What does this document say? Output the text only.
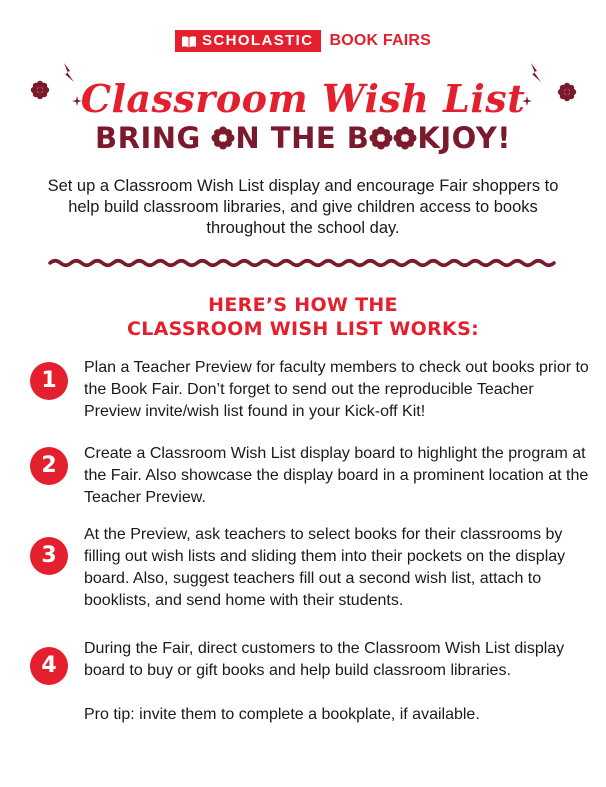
SCHOLASTIC BOOK FAIRS
Classroom Wish List
BRING N THE B KJOY!
Set up a Classroom Wish List display and encourage Fair shoppers to help build classroom libraries, and give children access to books throughout the school day.
HERE’S HOW THE
CLASSROOM WISH LIST WORKS:
1
Plan a Teacher Preview for faculty members to check out books prior to the Book Fair. Don’t forget to send out the reproducible Teacher Preview invite/wish list found in your Kick-off Kit!
2	Create a Classroom Wish List display board to highlight the program at the Fair. Also showcase the display board in a prominent location at the Teacher Preview.
3
At the Preview, ask teachers to select books for their classrooms by filling out wish lists and sliding them into their pockets on the display board. Also, suggest teachers fill out a second wish list, attach to booklists, and send home with their students.
4
During the Fair, direct customers to the Classroom Wish List display board to buy or gift books and help build classroom libraries.
Pro tip: invite them to complete a bookplate, if available.
